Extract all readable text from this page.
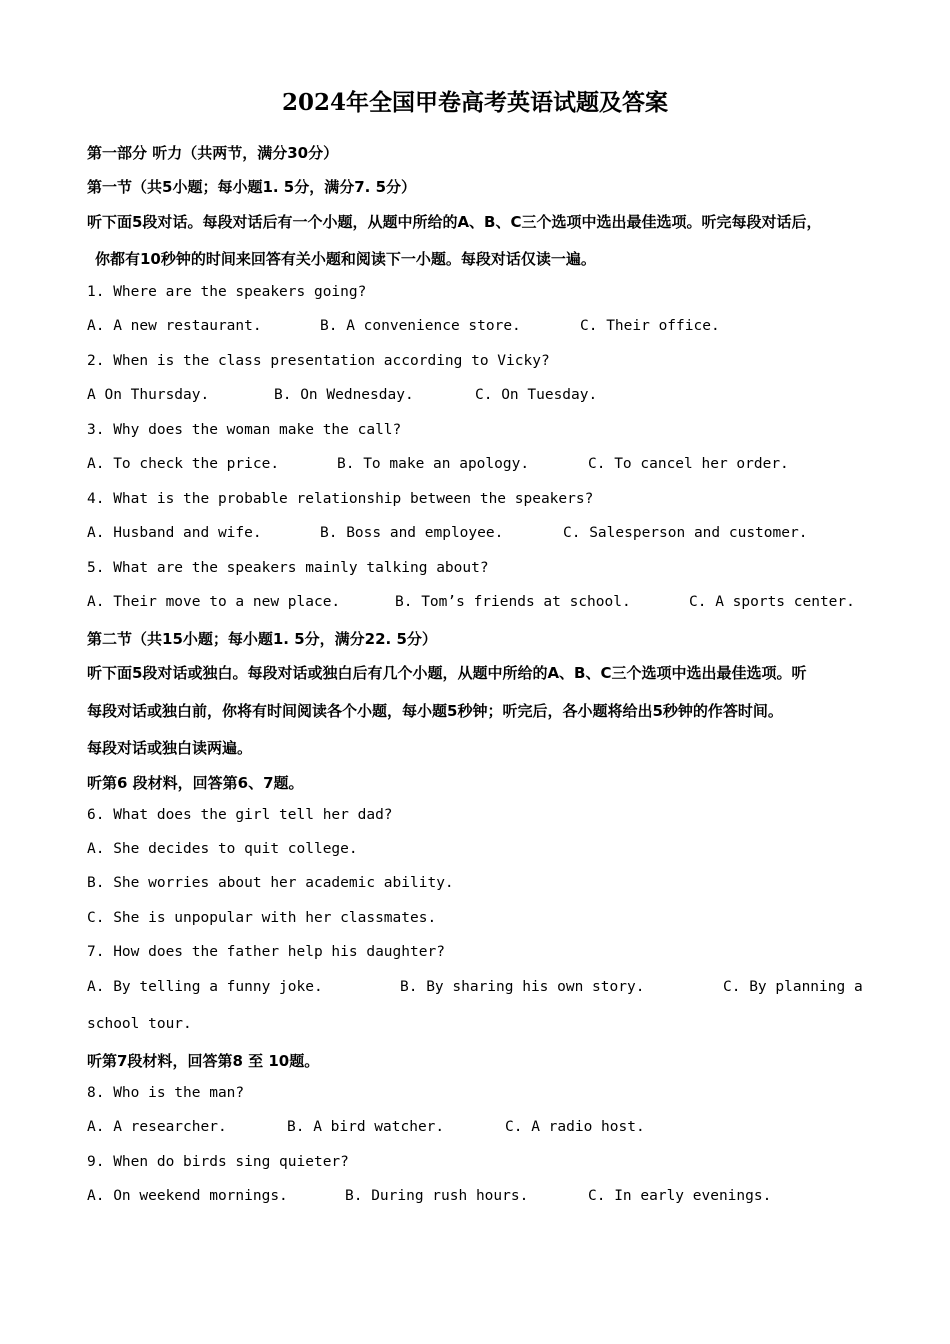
2024年全国甲卷高考英语试题及答案
第一部分 听力（共两节，满分30分）
第一节（共5小题；每小题1. 5分，满分7. 5分）
听下面5段对话。每段对话后有一个小题，从题中所给的A、B、C三个选项中选出最佳选项。听完每段对话后，
你都有10秒钟的时间来回答有关小题和阅读下一小题。每段对话仅读一遍。
1. Where are the speakers going?
A. A new restaurant.	B. A convenience store.	C. Their office.
2. When is the class presentation according to Vicky?
A On Thursday.	B. On Wednesday.	C. On Tuesday.
3. Why does the woman make the call?
A. To check the price.	B. To make an apology.	C. To cancel her order.
4. What is the probable relationship between the speakers?
A. Husband and wife.	B. Boss and employee.	C. Salesperson and customer.
5. What are the speakers mainly talking about?
A. Their move to a new place.	B. Tom’s friends at school.	C. A sports center.
第二节（共15小题；每小题1. 5分，满分22. 5分）
听下面5段对话或独白。每段对话或独白后有几个小题，从题中所给的A、B、C三个选项中选出最佳选项。听
每段对话或独白前，你将有时间阅读各个小题，每小题5秒钟；听完后，各小题将给出5秒钟的作答时间。
每段对话或独白读两遍。
听第6 段材料，回答第6、7题。
6. What does the girl tell her dad?
A. She decides to quit college.
B. She worries about her academic ability.
C. She is unpopular with her classmates.
7. How does the father help his daughter?
A. By telling a funny joke.	B. By sharing his own story.	C. By planning a
school tour.
听第7段材料，回答第8 至 10题。
8. Who is the man?
A. A researcher.	B. A bird watcher.	C. A radio host.
9. When do birds sing quieter?
A. On weekend mornings.	B. During rush hours.	C. In early evenings.
